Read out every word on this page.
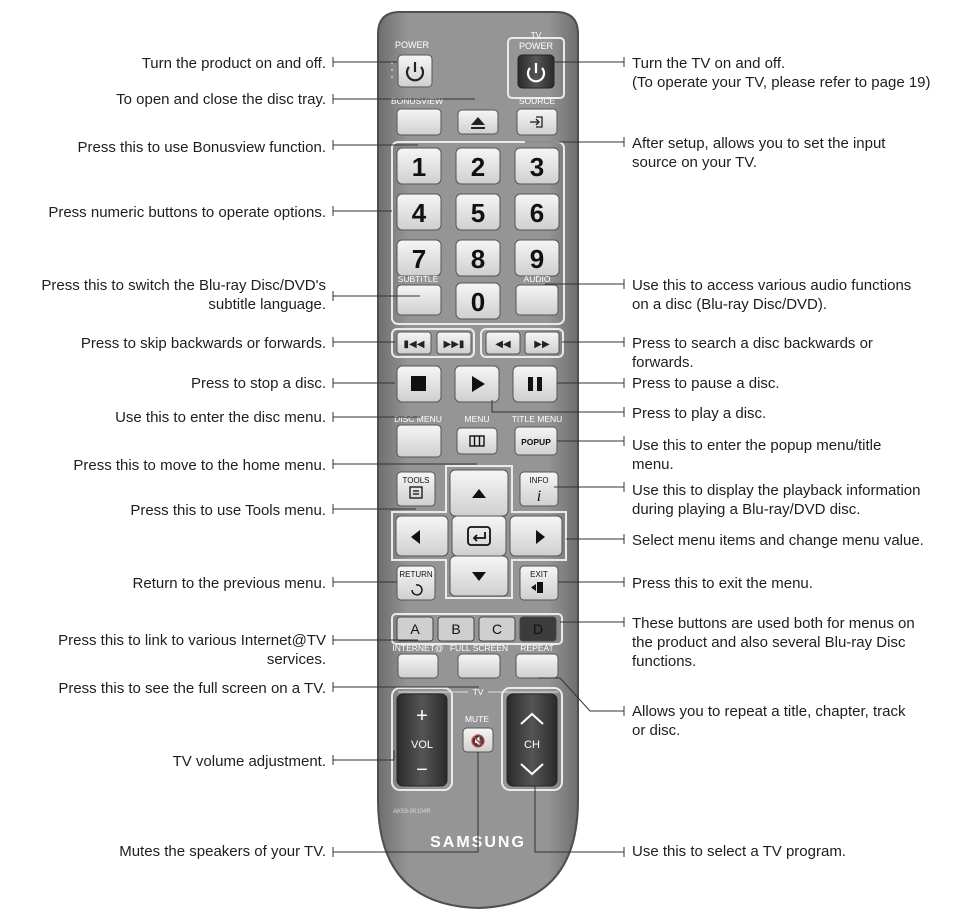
POWER
TV
POWER
BONUSVIEW	SOURCE
1 2 3
4 5 6
7 8 9
0
SUBTITLE	AUDIO
▮◀◀ ▶▶▮	◀◀ ▶▶
DISC MENU	MENU	TITLE MENU
POPUP
TOOLS	INFO
i
RETURN	EXIT
A B C D
INTERNET@ FULL SCREEN REPEAT
TV
+
VOL
−
MUTE
🔇	CH
AK59-00104R
SAMSUNG
Turn the product on and off.
To open and close the disc tray.
Press this to use Bonusview function.
Press numeric buttons to operate options.
Press this to switch the Blu-ray Disc/DVD's
subtitle language.
Press to skip backwards or forwards.
Press to stop a disc.
Use this to enter the disc menu.
Press this to move to the home menu.
Press this to use Tools menu.
Return to the previous menu.
Press this to link to various Internet@TV
services.
Press this to see the full screen on a TV.
TV volume adjustment.
Mutes the speakers of your TV.
Turn the TV on and off.
(To operate your TV, please refer to page 19)
After setup, allows you to set the input
source on your TV.
Use this to access various audio functions
on a disc (Blu-ray Disc/DVD).
Press to search a disc backwards or
forwards.
Press to pause a disc.
Press to play a disc.
Use this to enter the popup menu/title
menu.
Use this to display the playback information
during playing a Blu-ray/DVD disc.
Select menu items and change menu value.
Press this to exit the menu.
These buttons are used both for menus on
the product and also several Blu-ray Disc
functions.
Allows you to repeat a title, chapter, track
or disc.
Use this to select a TV program.
